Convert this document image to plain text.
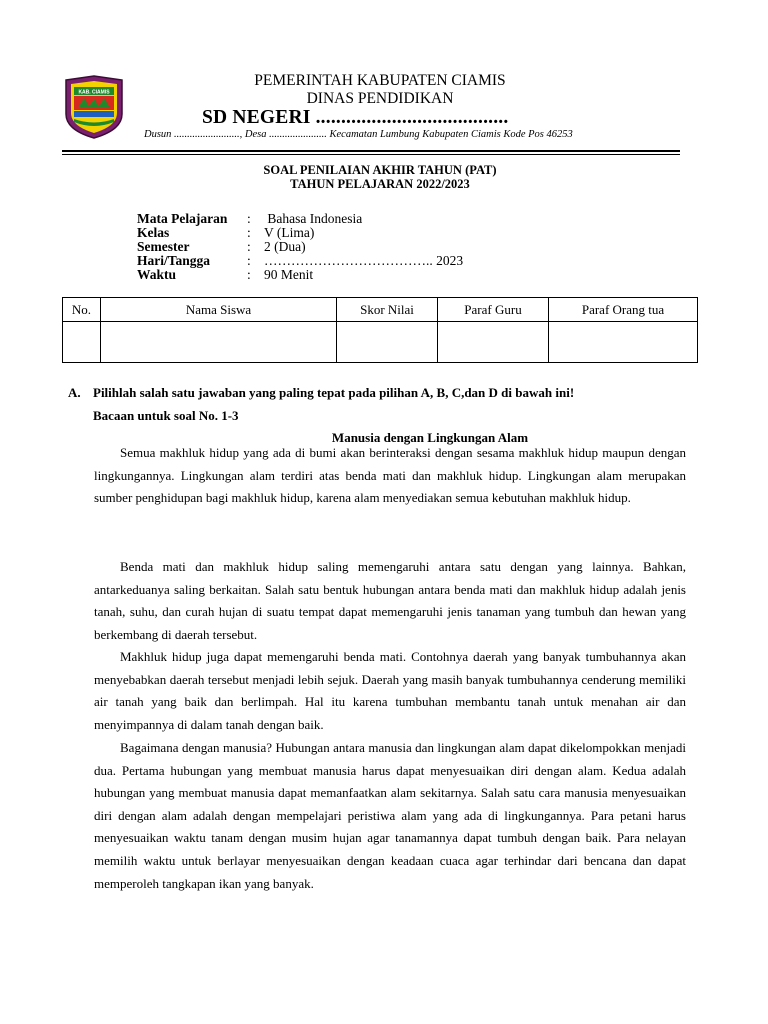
KAB. CIAMIS
PEMERINTAH KABUPATEN CIAMIS
DINAS PENDIDIKAN
SD NEGERI ......................................
Dusun ........................., Desa ...................... Kecamatan Lumbung Kabupaten Ciamis Kode Pos 46253
SOAL PENILAIAN AKHIR TAHUN (PAT)
TAHUN PELAJARAN 2022/2023
Mata Pelajaran : Bahasa Indonesia
Kelas	: V (Lima)
Semester	: 2 (Dua)
Hari/Tangga	: ……………………………….. 2023
Waktu	: 90 Menit
No.	Nama Siswa	Skor Nilai	Paraf Guru	Paraf Orang tua

A. Pilihlah salah satu jawaban yang paling tepat pada pilihan A, B, C,dan D di bawah ini!
Bacaan untuk soal No. 1-3
Manusia dengan Lingkungan Alam

Semua makhluk hidup yang ada di bumi akan berinteraksi dengan sesama makhluk hidup maupun dengan lingkungannya. Lingkungan alam terdiri atas benda mati dan makhluk hidup. Lingkungan alam merupakan sumber penghidupan bagi makhluk hidup, karena alam menyediakan semua kebutuhan makhluk hidup.

Benda mati dan makhluk hidup saling memengaruhi antara satu dengan yang lainnya. Bahkan, antarkeduanya saling berkaitan. Salah satu bentuk hubungan antara benda mati dan makhluk hidup adalah jenis tanah, suhu, dan curah hujan di suatu tempat dapat memengaruhi jenis tanaman yang tumbuh dan hewan yang berkembang di daerah tersebut.

Makhluk hidup juga dapat memengaruhi benda mati. Contohnya daerah yang banyak tumbuhannya akan menyebabkan daerah tersebut menjadi lebih sejuk. Daerah yang masih banyak tumbuhannya cenderung memiliki air tanah yang baik dan berlimpah. Hal itu karena tumbuhan membantu tanah untuk menahan air dan menyimpannya di dalam tanah dengan baik.

Bagaimana dengan manusia? Hubungan antara manusia dan lingkungan alam dapat dikelompokkan menjadi dua. Pertama hubungan yang membuat manusia harus dapat menyesuaikan diri dengan alam. Kedua adalah hubungan yang membuat manusia dapat memanfaatkan alam sekitarnya. Salah satu cara manusia menyesuaikan diri dengan alam adalah dengan mempelajari peristiwa alam yang ada di lingkungannya. Para petani harus menyesuaikan waktu tanam dengan musim hujan agar tanamannya dapat tumbuh dengan baik. Para nelayan memilih waktu untuk berlayar menyesuaikan dengan keadaan cuaca agar terhindar dari bencana dan dapat memperoleh tangkapan ikan yang banyak.
